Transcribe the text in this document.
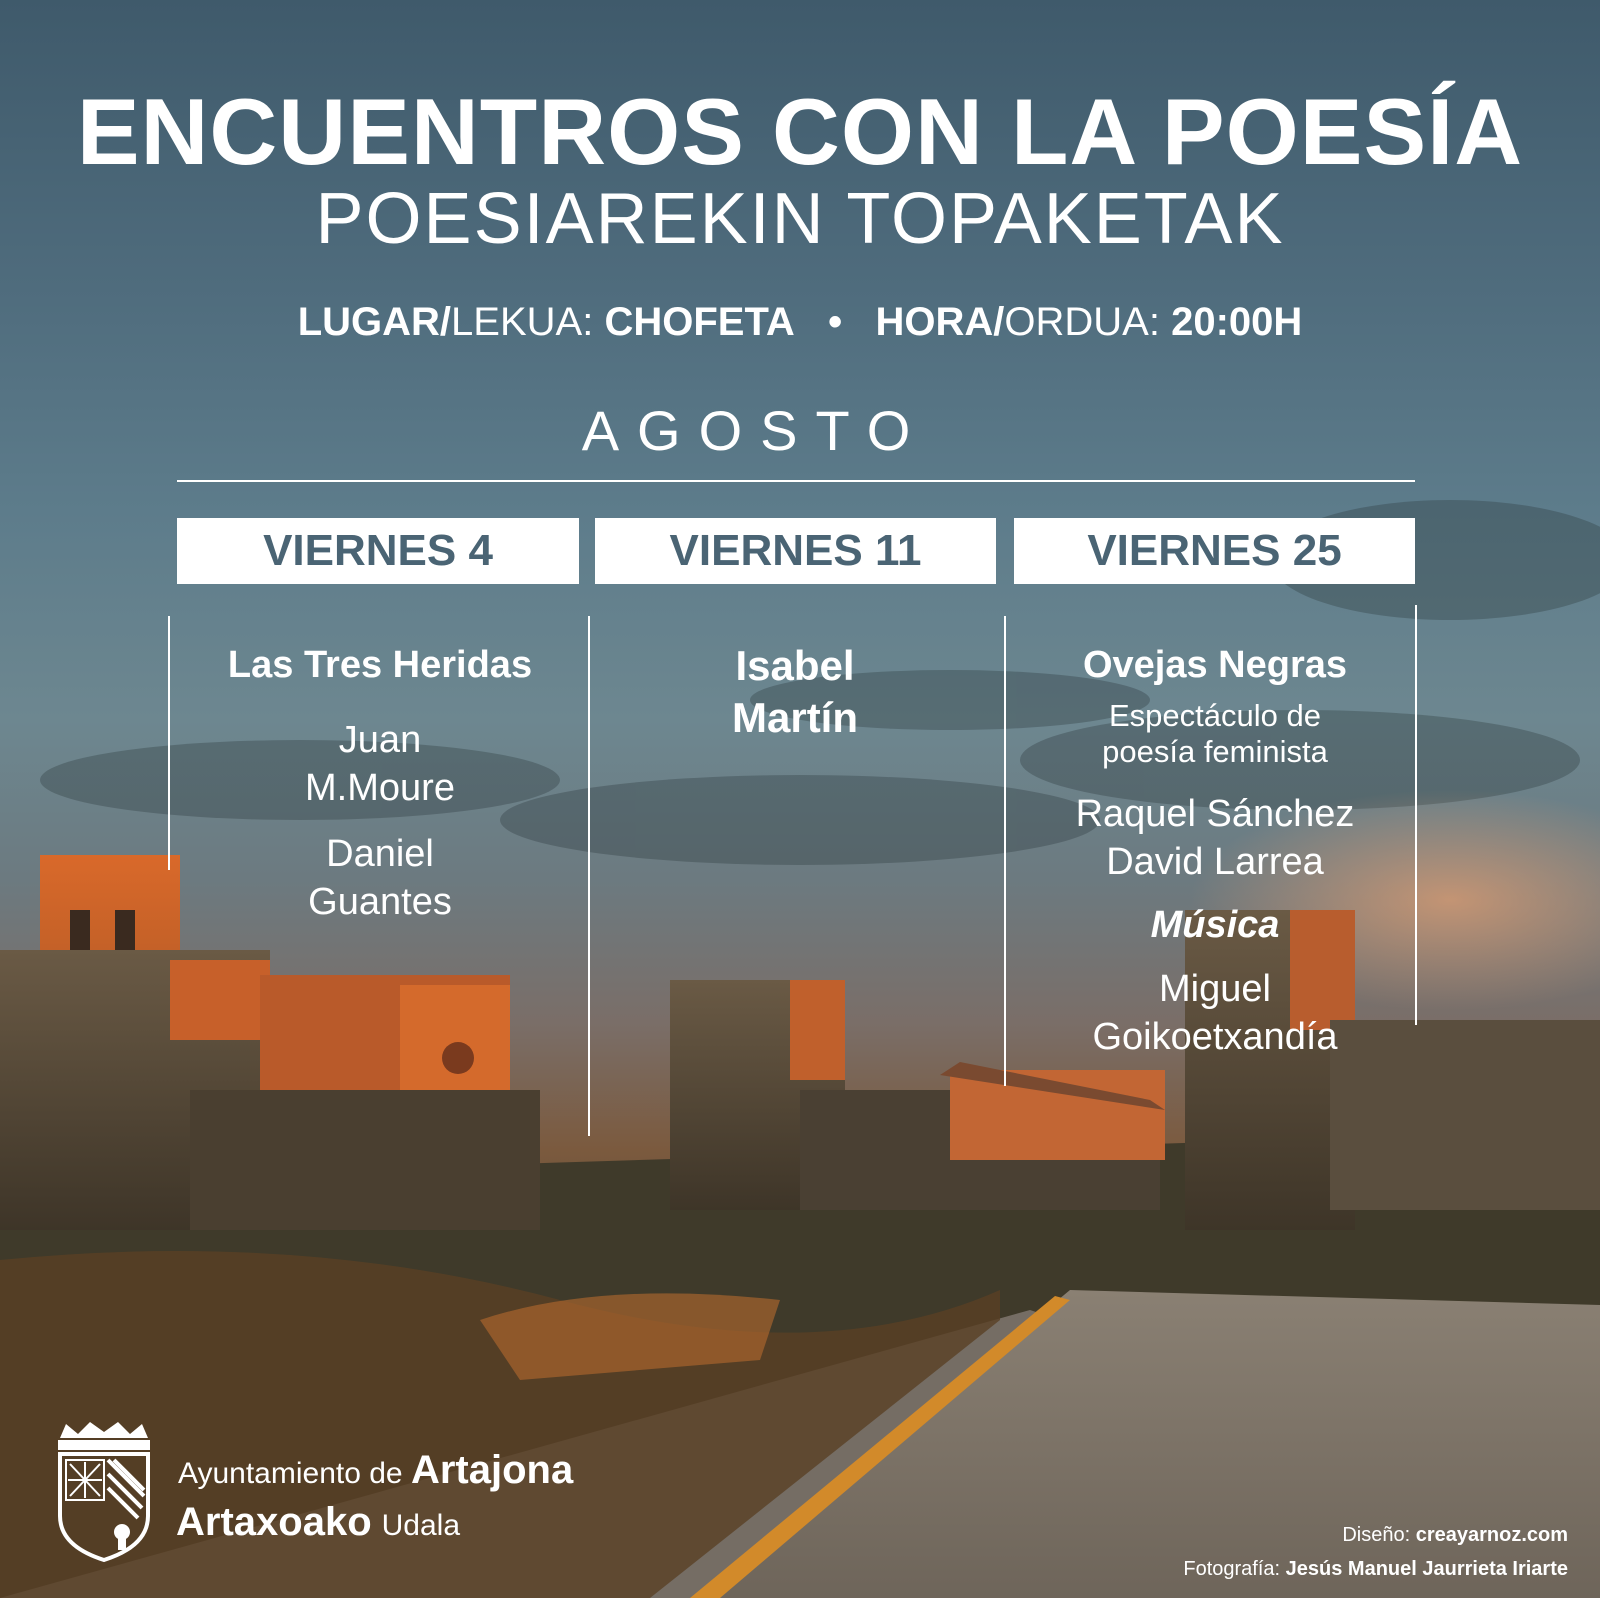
ENCUENTROS CON LA POESÍA
POESIAREKIN TOPAKETAK
LUGAR/LEKUA: CHOFETA • HORA/ORDUA: 20:00H
AGOSTO
VIERNES 4	VIERNES 11	VIERNES 25
Las Tres Heridas
Juan
M.Moure
Daniel
Guantes
Isabel
Martín
Ovejas Negras
Espectáculo de
poesía feminista
Raquel Sánchez
David Larrea
Música
Miguel
Goikoetxandía
Ayuntamiento de Artajona
Artaxoako Udala	Diseño: creayarnoz.com
Fotografía: Jesús Manuel Jaurrieta Iriarte
